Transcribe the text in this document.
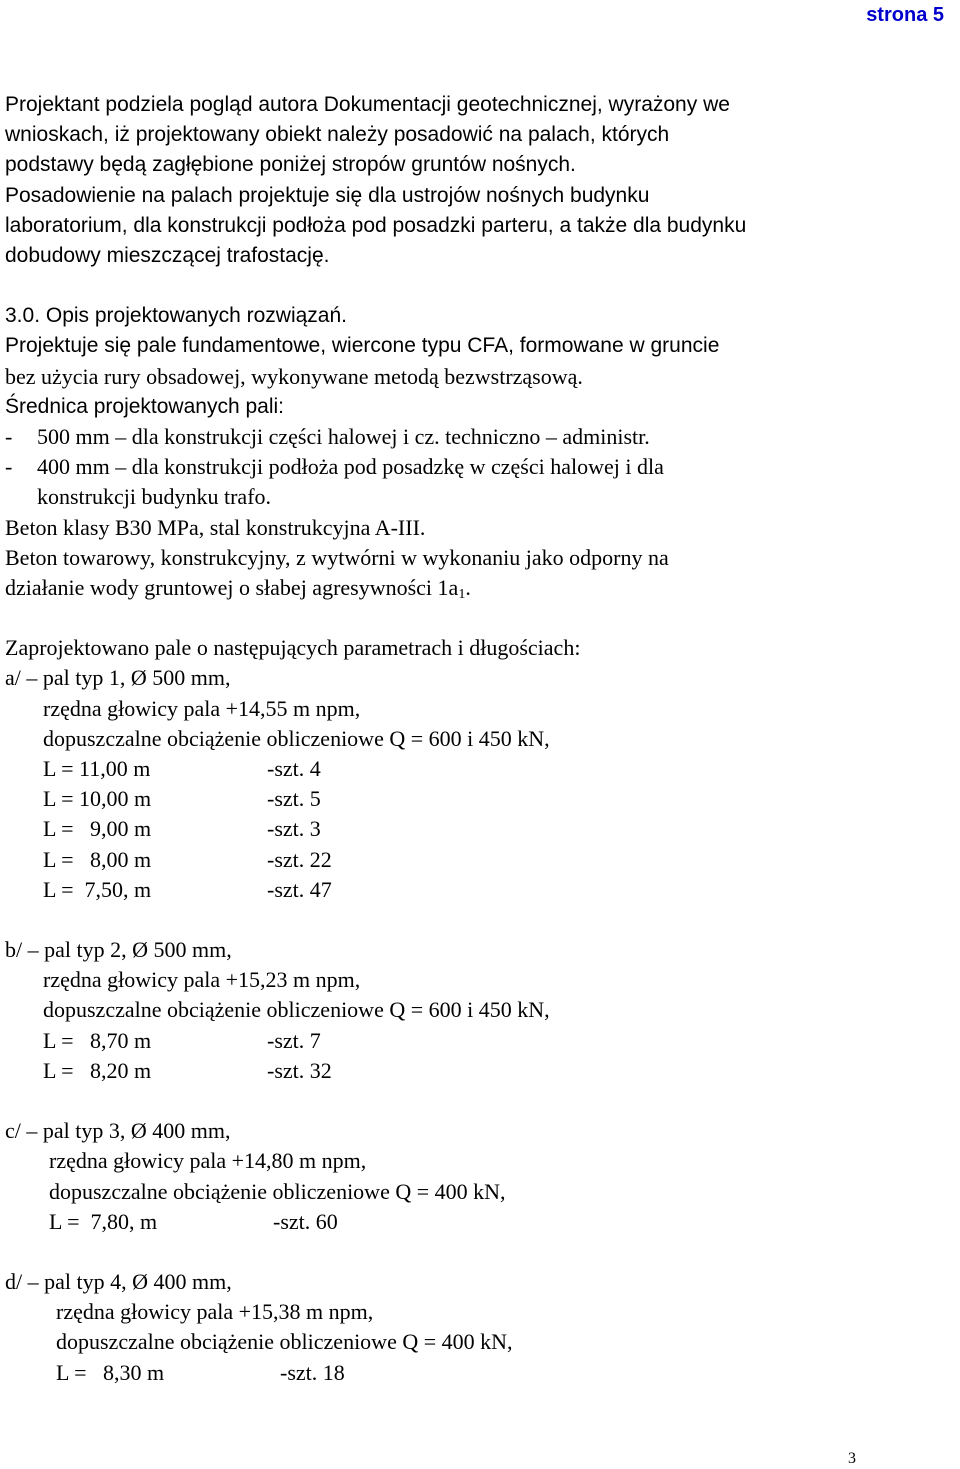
strona 5

Projektant podziela pogląd autora Dokumentacji geotechnicznej, wyrażony we

wnioskach, iż projektowany obiekt należy posadowić na palach, których

podstawy będą zagłębione poniżej stropów gruntów nośnych.

Posadowienie na palach projektuje się dla ustrojów nośnych budynku

laboratorium, dla konstrukcji podłoża pod posadzki parteru, a także dla budynku

dobudowy mieszczącej trafostację.

3.0. Opis projektowanych rozwiązań.

Projektuje się pale fundamentowe, wiercone typu CFA, formowane w gruncie

bez użycia rury obsadowej, wykonywane metodą bezwstrząsową.

Średnica projektowanych pali:

-	500 mm – dla konstrukcji części halowej i cz. techniczno – administr.
-	400 mm – dla konstrukcji podłoża pod posadzkę w części halowej i dla
konstrukcji budynku trafo.

Beton klasy B30 MPa, stal konstrukcyjna A-III.

Beton towarowy, konstrukcyjny, z wytwórni w wykonaniu jako odporny na

działanie wody gruntowej o słabej agresywności $1a_1$.

Zaprojektowano pale o następujących parametrach i długościach:

a/ – pal typ 1, Ø 500 mm,

rzędna głowicy pala +14,55 m npm,

dopuszczalne obciążenie obliczeniowe Q = 600 i 450 kN,

L = 11,00 m	-szt. 4
L = 10,00 m	-szt. 5
L =   9,00 m	-szt. 3
L =   8,00 m	-szt. 22
L =  7,50, m	-szt. 47

b/ – pal typ 2, Ø 500 mm,

rzędna głowicy pala +15,23 m npm,

dopuszczalne obciążenie obliczeniowe Q = 600 i 450 kN,

L =   8,70 m	-szt. 7
L =   8,20 m	-szt. 32

c/ – pal typ 3, Ø 400 mm,

rzędna głowicy pala +14,80 m npm,

dopuszczalne obciążenie obliczeniowe Q = 400 kN,

L =  7,80, m	-szt. 60

d/ – pal typ 4, Ø 400 mm,

rzędna głowicy pala +15,38 m npm,

dopuszczalne obciążenie obliczeniowe Q = 400 kN,

L =   8,30 m	-szt. 18
3
